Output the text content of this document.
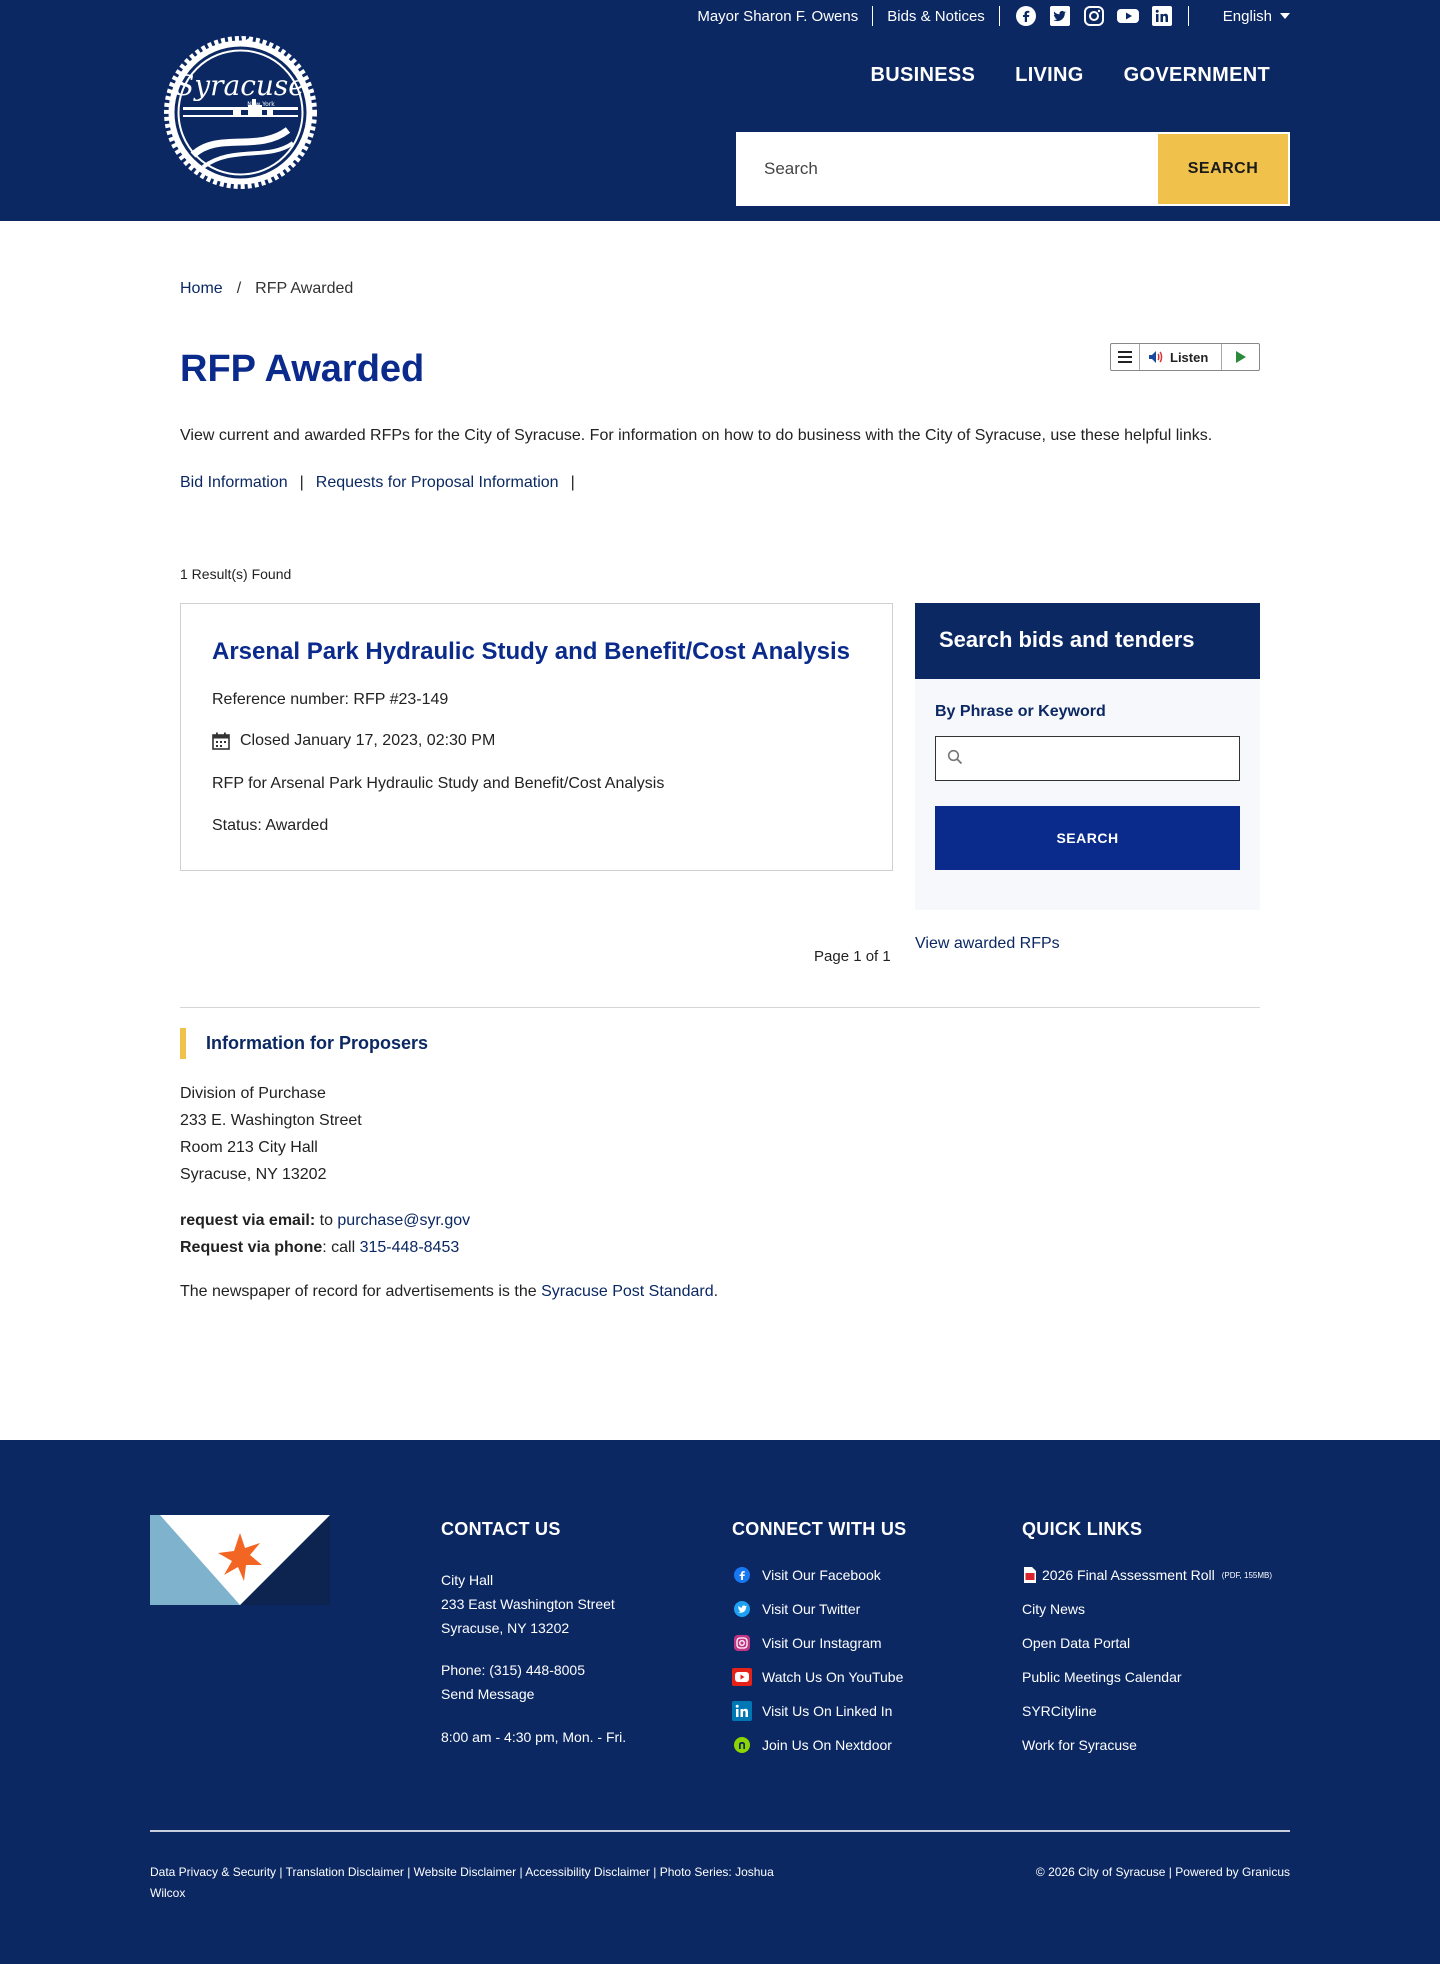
Mayor Sharon F. Owens	Bids & Notices	English
Syracuse
New York
BUSINESS LIVING GOVERNMENT
Search
SEARCH
Home / RFP Awarded
RFP Awarded	Listen

View current and awarded RFPs for the City of Syracuse. For information on how to do business with the City of Syracuse, use these helpful links.

Bid Information | Requests for Proposal Information |
1 Result(s) Found
Arsenal Park Hydraulic Study and Benefit/Cost Analysis
Reference number: RFP #23-149
Closed January 17, 2023, 02:30 PM
RFP for Arsenal Park Hydraulic Study and Benefit/Cost Analysis
Status: Awarded
Search bids and tenders
By Phrase or Keyword
SEARCH
Page 1 of 1
View awarded RFPs
Information for Proposers
Division of Purchase
233 E. Washington Street
Room 213 City Hall
Syracuse, NY 13202
request via email: to purchase@syr.gov
Request via phone: call 315-448-8453

The newspaper of record for advertisements is the Syracuse Post Standard.

CONTACT US
City Hall
233 East Washington Street
Syracuse, NY 13202
Phone: (315) 448-8005
Send Message
8:00 am - 4:30 pm, Mon. - Fri.
CONNECT WITH US
Visit Our Facebook
Visit Our Twitter
Visit Our Instagram
Watch Us On YouTube
Visit Us On Linked In
Join Us On Nextdoor
QUICK LINKS
2026 Final Assessment Roll (PDF, 155MB)
City News
Open Data Portal
Public Meetings Calendar
SYRCityline
Work for Syracuse
Data Privacy & Security | Translation Disclaimer | Website Disclaimer | Accessibility Disclaimer | Photo Series: Joshua Wilcox
© 2026 City of Syracuse | Powered by Granicus
